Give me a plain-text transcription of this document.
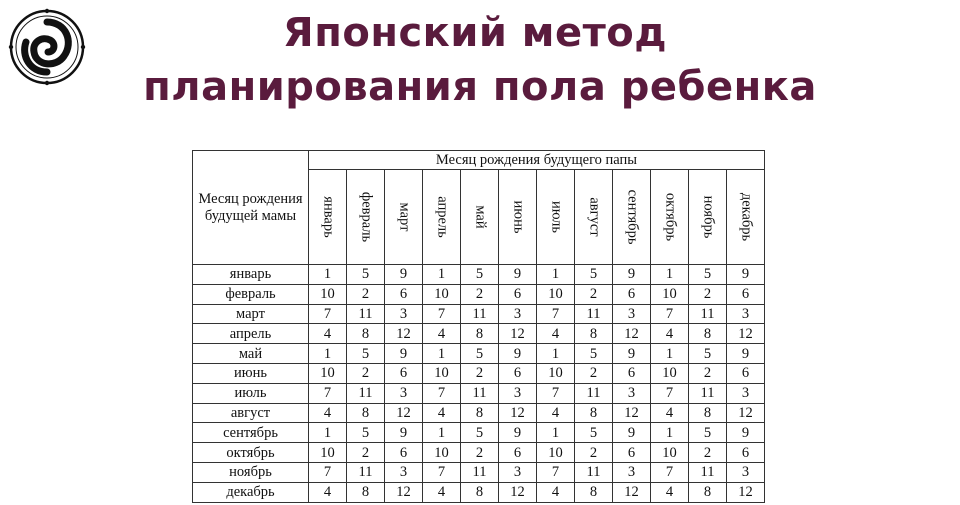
Японский метод
планирования пола ребенка
Месяц рождения будущей мамы	Месяц рождения будущего папы											

	январь	февраль	март	апрель	май	июнь	июль	август	сентябрь	октябрь	ноябрь	декабрь

январь	1	5	9	1	5	9	1	5	9	1	5	9
февраль	10	2	6	10	2	6	10	2	6	10	2	6
март	7	11	3	7	11	3	7	11	3	7	11	3
апрель	4	8	12	4	8	12	4	8	12	4	8	12
май	1	5	9	1	5	9	1	5	9	1	5	9
июнь	10	2	6	10	2	6	10	2	6	10	2	6
июль	7	11	3	7	11	3	7	11	3	7	11	3
август	4	8	12	4	8	12	4	8	12	4	8	12
сентябрь	1	5	9	1	5	9	1	5	9	1	5	9
октябрь	10	2	6	10	2	6	10	2	6	10	2	6
ноябрь	7	11	3	7	11	3	7	11	3	7	11	3
декабрь	4	8	12	4	8	12	4	8	12	4	8	12
